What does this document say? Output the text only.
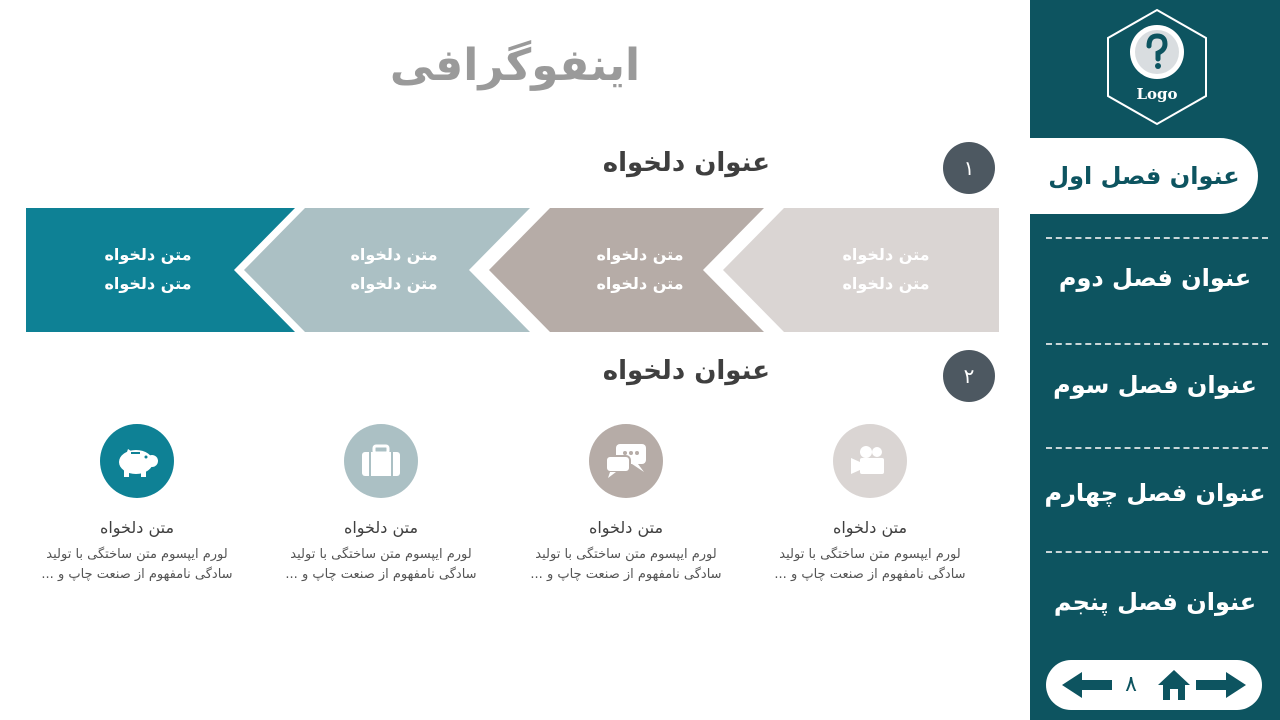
اینفوگرافی
عنوان دلخواه	۱
متن دلخواه
متن دلخواه
متن دلخواه
متن دلخواه
متن دلخواه
متن دلخواه
متن دلخواه
متن دلخواه
عنوان دلخواه	۲
متن دلخواه
لورم ایپسوم متن ساختگی با تولید
سادگی نامفهوم از صنعت چاپ و ...
متن دلخواه
لورم ایپسوم متن ساختگی با تولید
سادگی نامفهوم از صنعت چاپ و ...
متن دلخواه
لورم ایپسوم متن ساختگی با تولید
سادگی نامفهوم از صنعت چاپ و ...
متن دلخواه
لورم ایپسوم متن ساختگی با تولید
سادگی نامفهوم از صنعت چاپ و ...
Logo
عنوان فصل اول
عنوان فصل دوم
عنوان فصل سوم
عنوان فصل چهارم
عنوان فصل پنجم
۸
